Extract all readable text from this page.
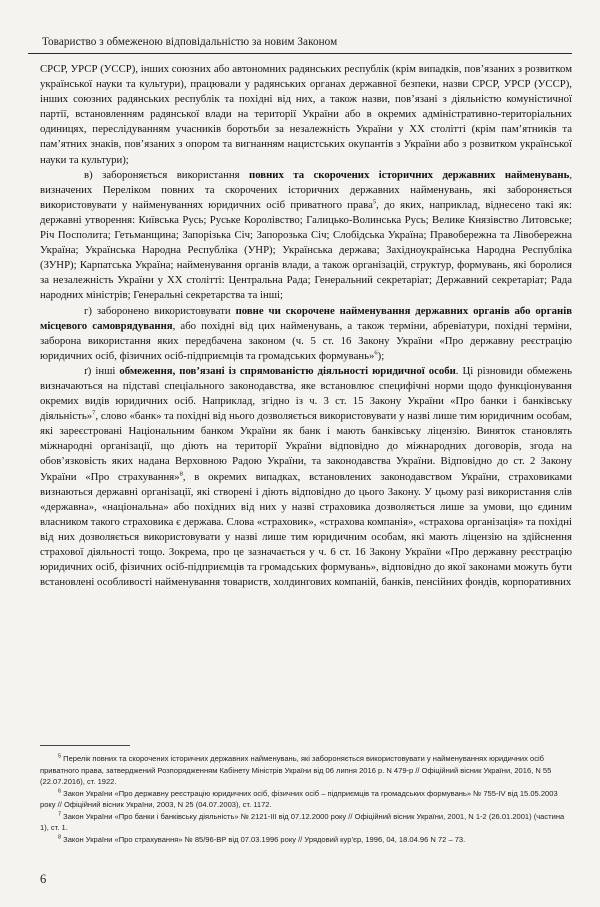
Товариство з обмеженою відповідальністю за новим Законом

СРСР, УРСР (УССР), інших союзних або автономних радянських республік (крім випадків, пов’язаних з розвитком української науки та культури), працювали у радянських органах державної безпеки, назви СРСР, УРСР (УССР), інших союзних радянських республік та похідні від них, а також назви, пов’язані з діяльністю комуністичної партії, встановленням радянської влади на території України або в окремих адміністративно-територіальних одиницях, переслідуванням учасників боротьби за незалежність України у XX столітті (крім пам’ятників та пам’ятних знаків, пов’язаних з опором та вигнанням нацистських окупантів з України або з розвитком української науки та культури);

в) забороняється використання повних та скорочених історичних державних найменувань, визначених Переліком повних та скорочених історичних державних найменувань, які забороняється використовувати у найменуваннях юридичних осіб приватного права$^5$, до яких, наприклад, віднесено такі як: державні утворення: Київська Русь; Руське Королівство; Галицько-Волинська Русь; Велике Князівство Литовське; Річ Посполита; Гетьманщина; Запорізька Січ; Запорозька Січ; Слобідська Україна; Правобережна та Лівобережна Україна; Українська Народна Республіка (УНР); Українська держава; Західноукраїнська Народна Республіка (ЗУНР); Карпатська Україна; найменування органів влади, а також організацій, структур, формувань, які боролися за незалежність України у XX столітті: Центральна Рада; Генеральний секретаріат; Державний секретаріат; Рада народних міністрів; Генеральні секретарства та інші;

г) заборонено використовувати повне чи скорочене найменування державних органів або органів місцевого самоврядування, або похідні від цих найменувань, а також терміни, абревіатури, похідні терміни, заборона використання яких передбачена законом (ч. 5 ст. 16 Закону України «Про державну реєстрацію юридичних осіб, фізичних осіб-підприємців та громадських формувань»$^6$);

ґ) інші обмеження, пов’язані із спрямованістю діяльності юридичної особи. Ці різновиди обмежень визначаються на підставі спеціального законодавства, яке встановлює специфічні норми щодо функціонування окремих видів юридичних осіб. Наприклад, згідно із ч. 3 ст. 15 Закону України «Про банки і банківську діяльність»$^7$, слово «банк» та похідні від нього дозволяється використовувати у назві лише тим юридичним особам, які зареєстровані Національним банком України як банк і мають банківську ліцензію. Виняток становлять міжнародні організації, що діють на території України відповідно до міжнародних договорів, згода на обов’язковість яких надана Верховною Радою України, та законодавства України. Відповідно до ст. 2 Закону України «Про страхування»$^8$, в окремих випадках, встановлених законодавством України, страховиками визнаються державні організації, які створені і діють відповідно до цього Закону. У цьому разі використання слів «державна», «національна» або похідних від них у назві страховика дозволяється лише за умови, що єдиним власником такого страховика є держава. Слова «страховик», «страхова компанія», «страхова організація» та похідні від них дозволяється використовувати у назві лише тим юридичним особам, які мають ліцензію на здійснення страхової діяльності тощо. Зокрема, про це зазначається у ч. 6 ст. 16 Закону України «Про державну реєстрацію юридичних осіб, фізичних осіб-підприємців та громадських формувань», відповідно до якої законами можуть бути встановлені особливості найменування товариств, холдингових компаній, банків, пенсійних фондів, корпоративних

$^5$ Перелік повних та скорочених історичних державних найменувань, які забороняється використовувати у найменуваннях юридичних осіб приватного права, затверджений Розпорядженням Кабінету Міністрів України від 06 липня 2016 р. N 479-р // Офіційний вісник України, 2016, N 55 (22.07.2016), ст. 1922.

$^6$ Закон України «Про державну реєстрацію юридичних осіб, фізичних осіб – підприємців та громадських формувань» № 755-IV від 15.05.2003 року // Офіційний вісник України, 2003, N 25 (04.07.2003), ст. 1172.

$^7$ Закон України «Про банки і банківську діяльність» № 2121-III від 07.12.2000 року // Офіційний вісник України, 2001, N 1-2 (26.01.2001) (частина 1), ст. 1.

$^8$ Закон України «Про страхування» № 85/96-ВР від 07.03.1996 року // Урядовий кур’єр, 1996, 04, 18.04.96 N 72 – 73.

6
